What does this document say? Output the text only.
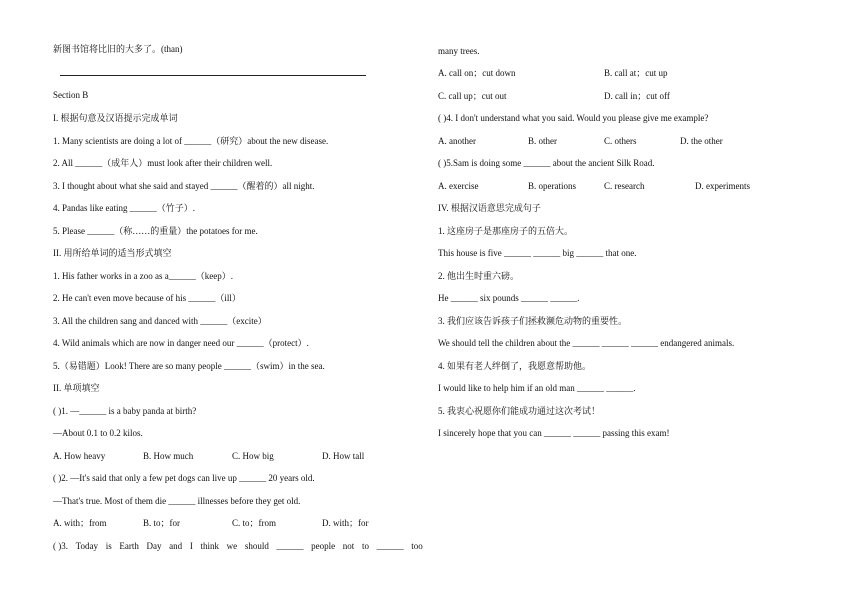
新图书馆将比旧的大多了。(than)
Section B
I. 根据句意及汉语提示完成单词
1. Many scientists are doing a lot of ______（研究）about the new disease.
2. All ______（成年人）must look after their children well.
3. I thought about what she said and stayed ______（醒着的）all night.
4. Pandas like eating ______（竹子）.
5. Please ______（称……的重量）the potatoes for me.
II. 用所给单词的适当形式填空
1. His father works in a zoo as a______（keep）.
2. He can't even move because of his ______（ill）
3. All the children sang and danced with ______（excite）
4. Wild animals which are now in danger need our ______（protect）.
5.（易错题）Look! There are so many people ______（swim）in the sea.
II. 单项填空
( )1. —______ is a baby panda at birth?
—About 0.1 to 0.2 kilos.
A. How heavy	B. How much	C. How big	D. How tall
( )2. —It's said that only a few pet dogs can live up ______ 20 years old.
—That's true. Most of them die ______ illnesses before they get old.
A. with；from	B. to；for	C. to；from	D. with；for
( )3. Today is Earth Day and I think we should ______ people not to ______ too
many trees.
A. call on；cut down	B. call at；cut up
C. call up；cut out	D. call in；cut off
( )4. I don't understand what you said. Would you please give me example?
A. another	B. other	C. others	D. the other
( )5.Sam is doing some ______ about the ancient Silk Road.
A. exercise	B. operations	C. research	D. experiments
IV. 根据汉语意思完成句子
1. 这座房子是那座房子的五倍大。
This house is five ______ ______ big ______ that one.
2. 他出生时重六磅。
He ______ six pounds ______ ______.
3. 我们应该告诉孩子们拯救濒危动物的重要性。
We should tell the children about the ______ ______ ______ endangered animals.
4. 如果有老人绊倒了，我愿意帮助他。
I would like to help him if an old man ______ ______.
5. 我衷心祝愿你们能成功通过这次考试！
I sincerely hope that you can ______ ______ passing this exam!
